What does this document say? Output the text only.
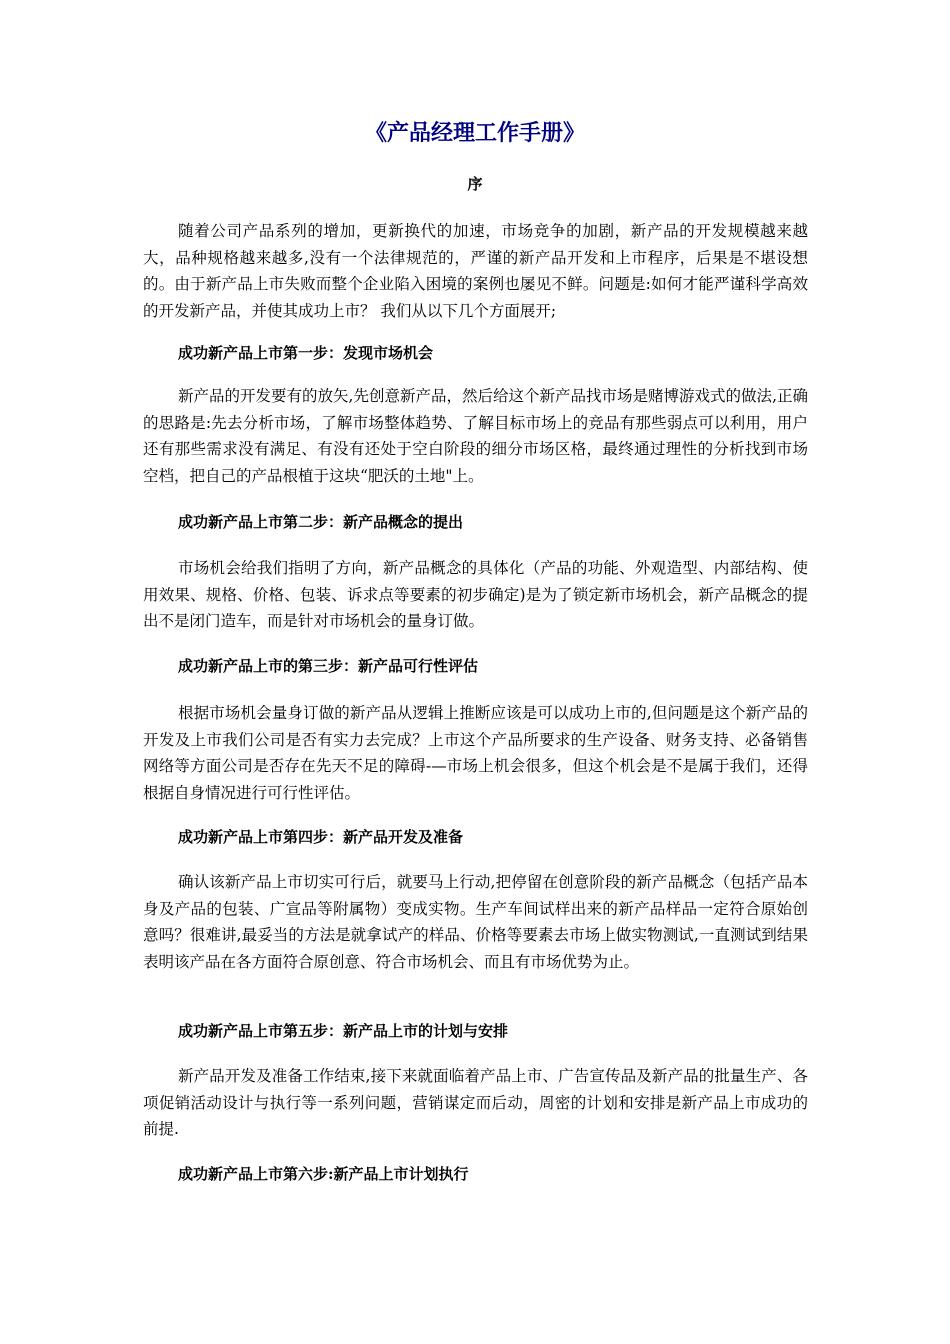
《产品经理工作手册》
序

随着公司产品系列的增加，更新换代的加速，市场竞争的加剧，新产品的开发规模越来越大，品种规格越来越多,没有一个法律规范的，严谨的新产品开发和上市程序，后果是不堪设想的。由于新产品上市失败而整个企业陷入困境的案例也屡见不鲜。问题是:如何才能严谨科学高效的开发新产品，并使其成功上市？ 我们从以下几个方面展开;

成功新产品上市第一步：发现市场机会

新产品的开发要有的放矢,先创意新产品，然后给这个新产品找市场是赌博游戏式的做法,正确的思路是:先去分析市场，了解市场整体趋势、了解目标市场上的竞品有那些弱点可以利用，用户还有那些需求没有满足、有没有还处于空白阶段的细分市场区格，最终通过理性的分析找到市场空档，把自己的产品根植于这块“肥沃的土地"上。

成功新产品上市第二步：新产品概念的提出

市场机会给我们指明了方向，新产品概念的具体化（产品的功能、外观造型、内部结构、使用效果、规格、价格、包装、诉求点等要素的初步确定)是为了锁定新市场机会，新产品概念的提出不是闭门造车，而是针对市场机会的量身订做。

成功新产品上市的第三步：新产品可行性评估

根据市场机会量身订做的新产品从逻辑上推断应该是可以成功上市的,但问题是这个新产品的开发及上市我们公司是否有实力去完成？上市这个产品所要求的生产设备、财务支持、必备销售网络等方面公司是否存在先天不足的障碍-—市场上机会很多，但这个机会是不是属于我们，还得根据自身情况进行可行性评估。

成功新产品上市第四步：新产品开发及准备

确认该新产品上市切实可行后，就要马上行动,把停留在创意阶段的新产品概念（包括产品本身及产品的包装、广宣品等附属物）变成实物。生产车间试样出来的新产品样品一定符合原始创意吗？很难讲,最妥当的方法是就拿试产的样品、价格等要素去市场上做实物测试,一直测试到结果表明该产品在各方面符合原创意、符合市场机会、而且有市场优势为止。

成功新产品上市第五步：新产品上市的计划与安排

新产品开发及准备工作结束,接下来就面临着产品上市、广告宣传品及新产品的批量生产、各项促销活动设计与执行等一系列问题，营销谋定而后动，周密的计划和安排是新产品上市成功的前提.

成功新产品上市第六步:新产品上市计划执行
